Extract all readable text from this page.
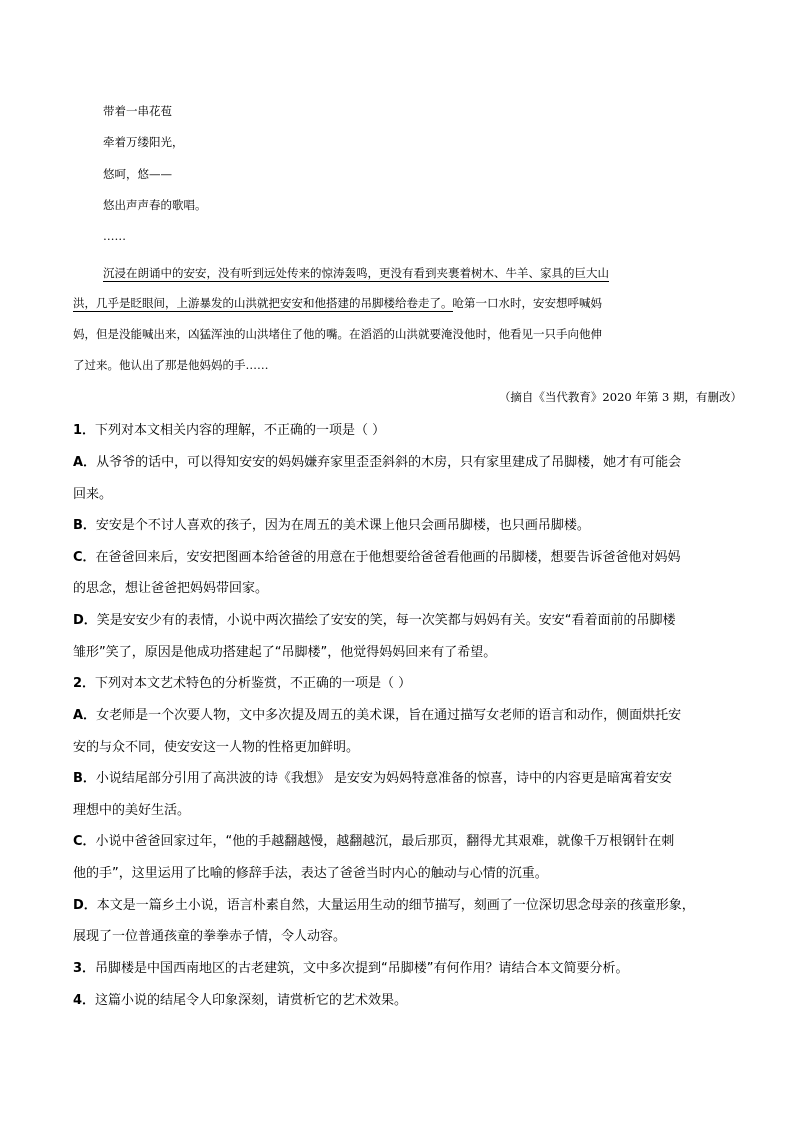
带着一串花苞
牵着万缕阳光，
悠呵，悠——
悠出声声春的歌唱。
……
沉浸在朗诵中的安安，没有听到远处传来的惊涛轰鸣，更没有看到夹裹着树木、牛羊、家具的巨大山
洪，几乎是眨眼间，上游暴发的山洪就把安安和他搭建的吊脚楼给卷走了。呛第一口水时，安安想呼喊妈
妈，但是没能喊出来，凶猛浑浊的山洪堵住了他的嘴。在滔滔的山洪就要淹没他时，他看见一只手向他伸
了过来。他认出了那是他妈妈的手……
（摘自《当代教育》2020 年第 3 期，有删改）
1．下列对本文相关内容的理解，不正确的一项是（ ）
A．从爷爷的话中，可以得知安安的妈妈嫌弃家里歪歪斜斜的木房，只有家里建成了吊脚楼，她才有可能会
回来。
B．安安是个不讨人喜欢的孩子，因为在周五的美术课上他只会画吊脚楼，也只画吊脚楼。
C．在爸爸回来后，安安把图画本给爸爸的用意在于他想要给爸爸看他画的吊脚楼，想要告诉爸爸他对妈妈
的思念，想让爸爸把妈妈带回家。
D．笑是安安少有的表情，小说中两次描绘了安安的笑，每一次笑都与妈妈有关。安安“看着面前的吊脚楼
雏形”笑了，原因是他成功搭建起了“吊脚楼”，他觉得妈妈回来有了希望。
2．下列对本文艺术特色的分析鉴赏，不正确的一项是（ ）
A．女老师是一个次要人物，文中多次提及周五的美术课，旨在通过描写女老师的语言和动作，侧面烘托安
安的与众不同，使安安这一人物的性格更加鲜明。
B．小说结尾部分引用了高洪波的诗《我想》 是安安为妈妈特意准备的惊喜，诗中的内容更是暗寓着安安
理想中的美好生活。
C．小说中爸爸回家过年，“他的手越翻越慢，越翻越沉，最后那页，翻得尤其艰难，就像千万根钢针在刺
他的手”，这里运用了比喻的修辞手法，表达了爸爸当时内心的触动与心情的沉重。
D．本文是一篇乡土小说，语言朴素自然，大量运用生动的细节描写，刻画了一位深切思念母亲的孩童形象，
展现了一位普通孩童的拳拳赤子情，令人动容。
3．吊脚楼是中国西南地区的古老建筑，文中多次提到“吊脚楼”有何作用？请结合本文简要分析。
4．这篇小说的结尾令人印象深刻，请赏析它的艺术效果。
